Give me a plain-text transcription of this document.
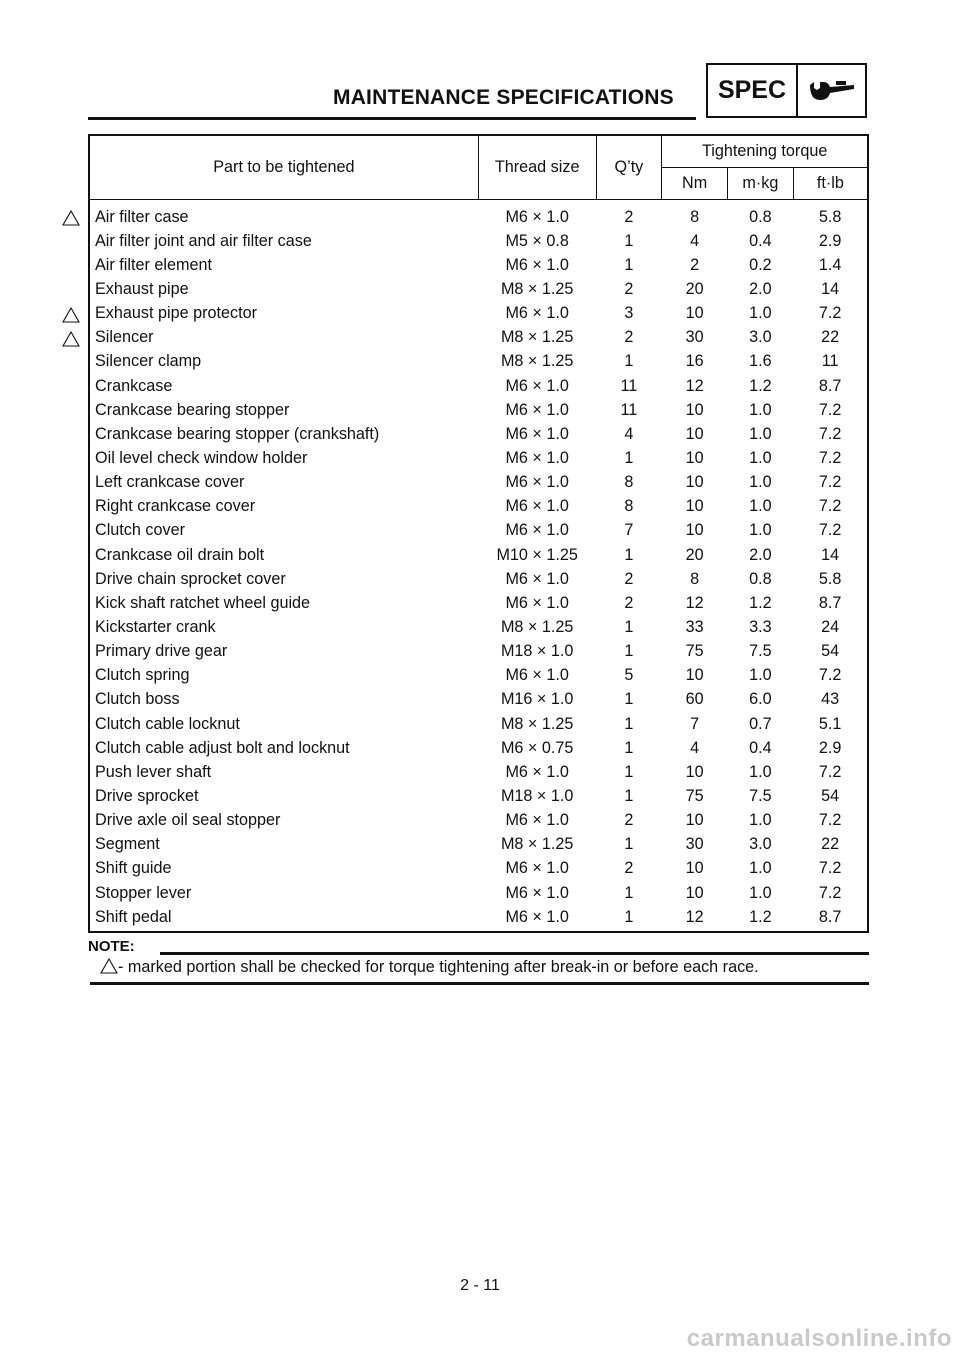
MAINTENANCE SPECIFICATIONS	SPEC
Part to be tightened	Thread size	Q’ty	Tightening torque		
			Nm	m·kg	ft·lb
Air filter case	M6 × 1.0	2	8	0.8	5.8
Air filter joint and air filter case	M5 × 0.8	1	4	0.4	2.9
Air filter element	M6 × 1.0	1	2	0.2	1.4
Exhaust pipe	M8 × 1.25	2	20	2.0	14
Exhaust pipe protector	M6 × 1.0	3	10	1.0	7.2
Silencer	M8 × 1.25	2	30	3.0	22
Silencer clamp	M8 × 1.25	1	16	1.6	11
Crankcase	M6 × 1.0	11	12	1.2	8.7
Crankcase bearing stopper	M6 × 1.0	11	10	1.0	7.2
Crankcase bearing stopper (crankshaft)	M6 × 1.0	4	10	1.0	7.2
Oil level check window holder	M6 × 1.0	1	10	1.0	7.2
Left crankcase cover	M6 × 1.0	8	10	1.0	7.2
Right crankcase cover	M6 × 1.0	8	10	1.0	7.2
Clutch cover	M6 × 1.0	7	10	1.0	7.2
Crankcase oil drain bolt	M10 × 1.25	1	20	2.0	14
Drive chain sprocket cover	M6 × 1.0	2	8	0.8	5.8
Kick shaft ratchet wheel guide	M6 × 1.0	2	12	1.2	8.7
Kickstarter crank	M8 × 1.25	1	33	3.3	24
Primary drive gear	M18 × 1.0	1	75	7.5	54
Clutch spring	M6 × 1.0	5	10	1.0	7.2
Clutch boss	M16 × 1.0	1	60	6.0	43
Clutch cable locknut	M8 × 1.25	1	7	0.7	5.1
Clutch cable adjust bolt and locknut	M6 × 0.75	1	4	0.4	2.9
Push lever shaft	M6 × 1.0	1	10	1.0	7.2
Drive sprocket	M18 × 1.0	1	75	7.5	54
Drive axle oil seal stopper	M6 × 1.0	2	10	1.0	7.2
Segment	M8 × 1.25	1	30	3.0	22
Shift guide	M6 × 1.0	2	10	1.0	7.2
Stopper lever	M6 × 1.0	1	10	1.0	7.2
Shift pedal	M6 × 1.0	1	12	1.2	8.7
NOTE:
- marked portion shall be checked for torque tightening after break-in or before each race.
2 - 11
carmanualsonline.info
